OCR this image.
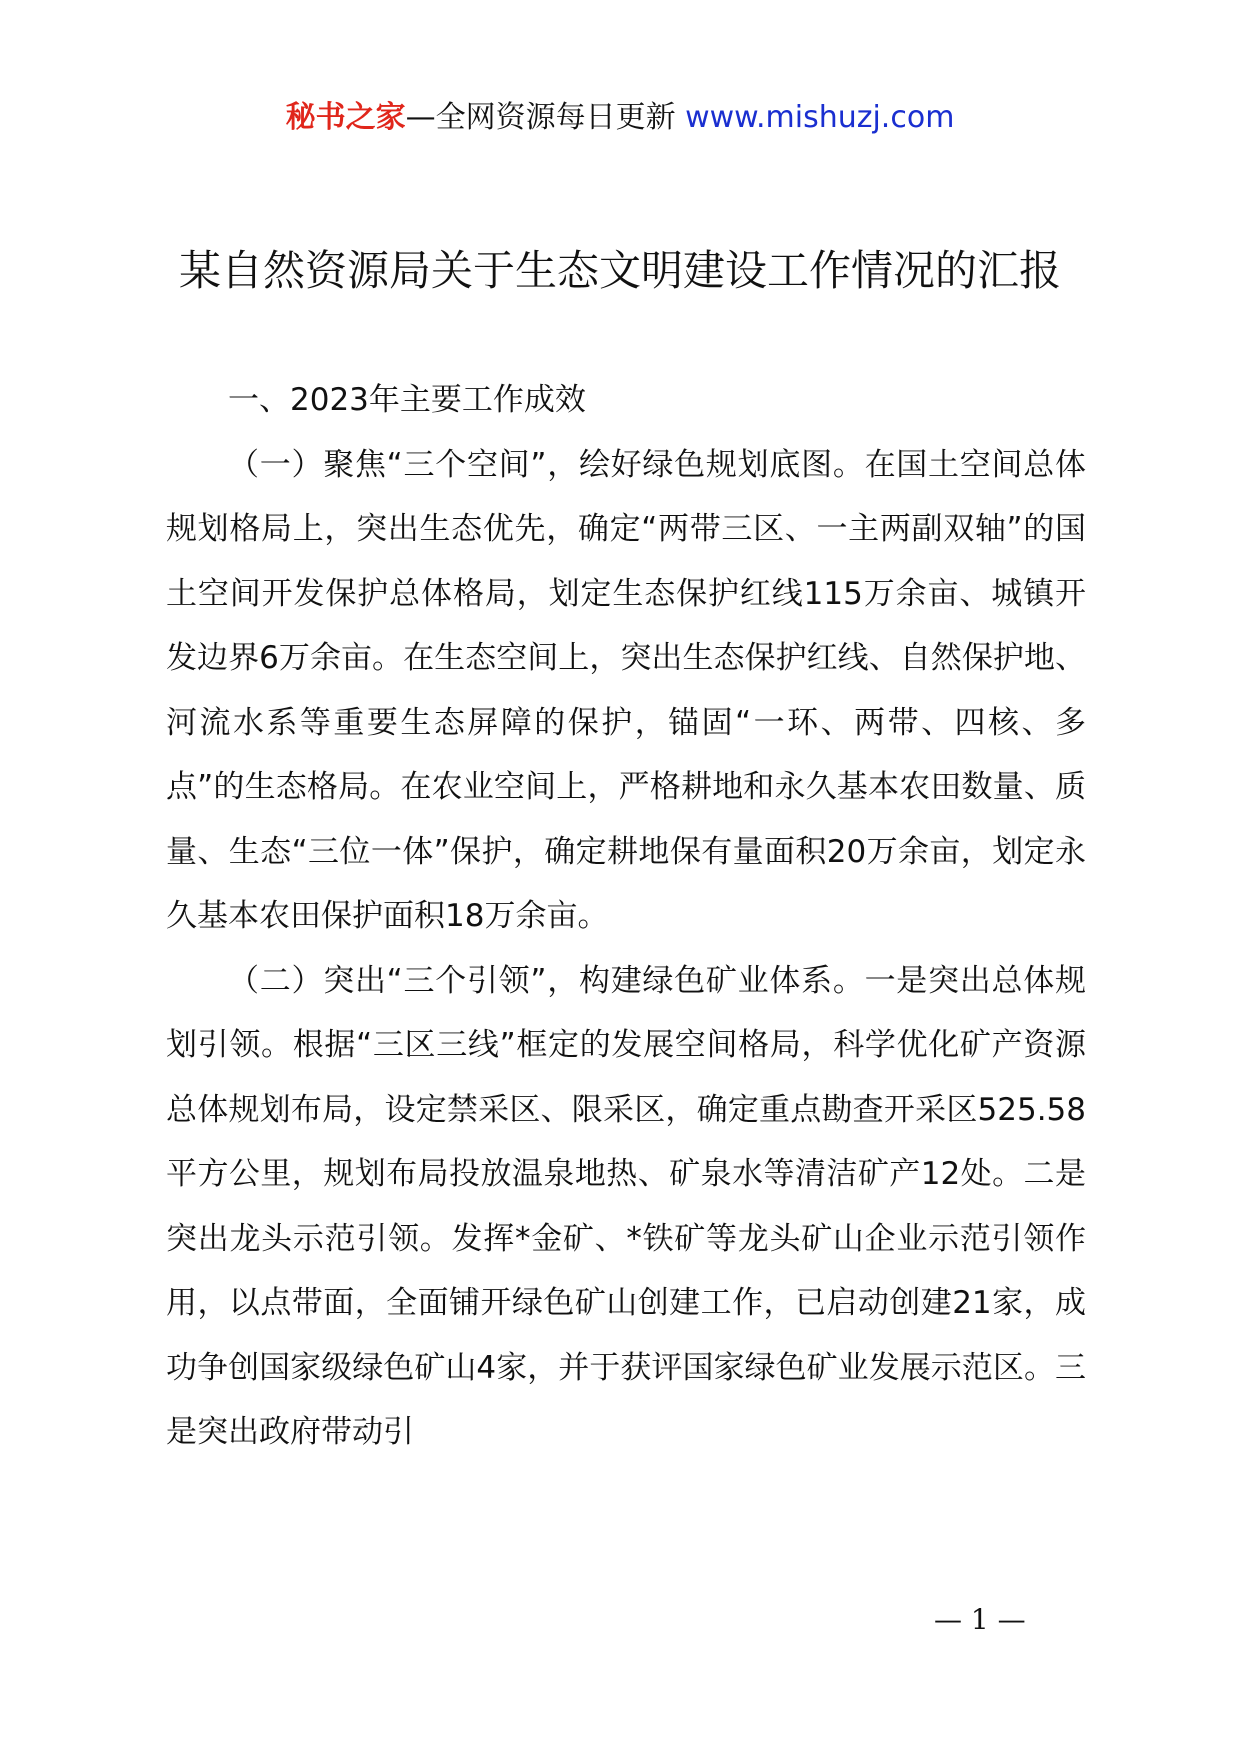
秘书之家—全网资源每日更新 www.mishuzj.com
某自然资源局关于生态文明建设工作情况的汇报

一、2023年主要工作成效

（一）聚焦“三个空间”，绘好绿色规划底图。在国土空间总体规划格局上，突出生态优先，确定“两带三区、一主两副双轴”的国土空间开发保护总体格局，划定生态保护红线115万余亩、城镇开发边界6万余亩。在生态空间上，突出生态保护红线、自然保护地、河流水系等重要生态屏障的保护，锚固“一环、两带、四核、多点”的生态格局。在农业空间上，严格耕地和永久基本农田数量、质量、生态“三位一体”保护，确定耕地保有量面积20万余亩，划定永久基本农田保护面积18万余亩。

（二）突出“三个引领”，构建绿色矿业体系。一是突出总体规划引领。根据“三区三线”框定的发展空间格局，科学优化矿产资源总体规划布局，设定禁采区、限采区，确定重点勘查开采区525.58平方公里，规划布局投放温泉地热、矿泉水等清洁矿产12处。二是突出龙头示范引领。发挥*金矿、*铁矿等龙头矿山企业示范引领作用，以点带面，全面铺开绿色矿山创建工作，已启动创建21家，成功争创国家级绿色矿山4家，并于获评国家绿色矿业发展示范区。三是突出政府带动引

— 1 —
